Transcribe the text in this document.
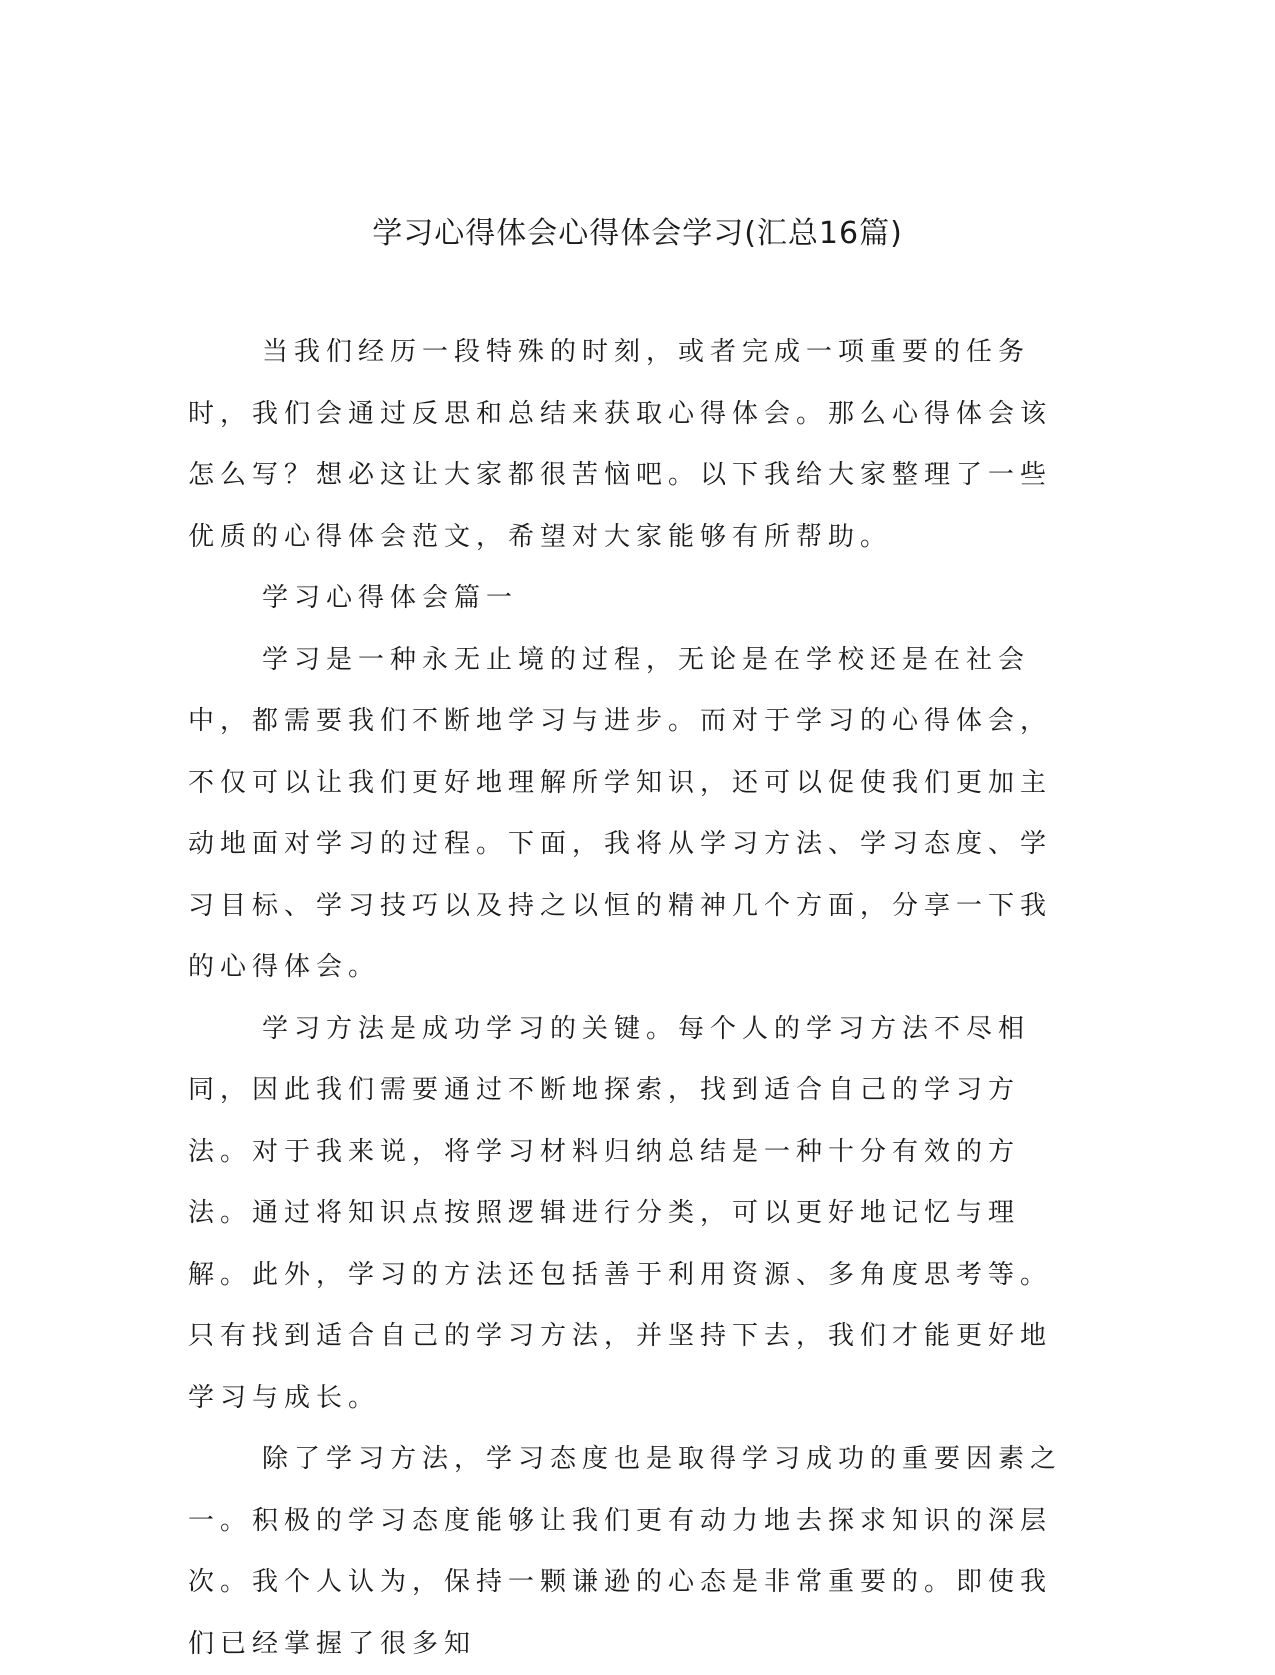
学习心得体会心得体会学习(汇总16篇)

当我们经历一段特殊的时刻，或者完成一项重要的任务时，我们会通过反思和总结来获取心得体会。那么心得体会该怎么写？想必这让大家都很苦恼吧。以下我给大家整理了一些优质的心得体会范文，希望对大家能够有所帮助。

学习心得体会篇一

学习是一种永无止境的过程，无论是在学校还是在社会中，都需要我们不断地学习与进步。而对于学习的心得体会，不仅可以让我们更好地理解所学知识，还可以促使我们更加主动地面对学习的过程。下面，我将从学习方法、学习态度、学习目标、学习技巧以及持之以恒的精神几个方面，分享一下我的心得体会。

学习方法是成功学习的关键。每个人的学习方法不尽相同，因此我们需要通过不断地探索，找到适合自己的学习方法。对于我来说，将学习材料归纳总结是一种十分有效的方法。通过将知识点按照逻辑进行分类，可以更好地记忆与理解。此外，学习的方法还包括善于利用资源、多角度思考等。只有找到适合自己的学习方法，并坚持下去，我们才能更好地学习与成长。

除了学习方法，学习态度也是取得学习成功的重要因素之一。积极的学习态度能够让我们更有动力地去探求知识的深层次。我个人认为，保持一颗谦逊的心态是非常重要的。即使我们已经掌握了很多知
